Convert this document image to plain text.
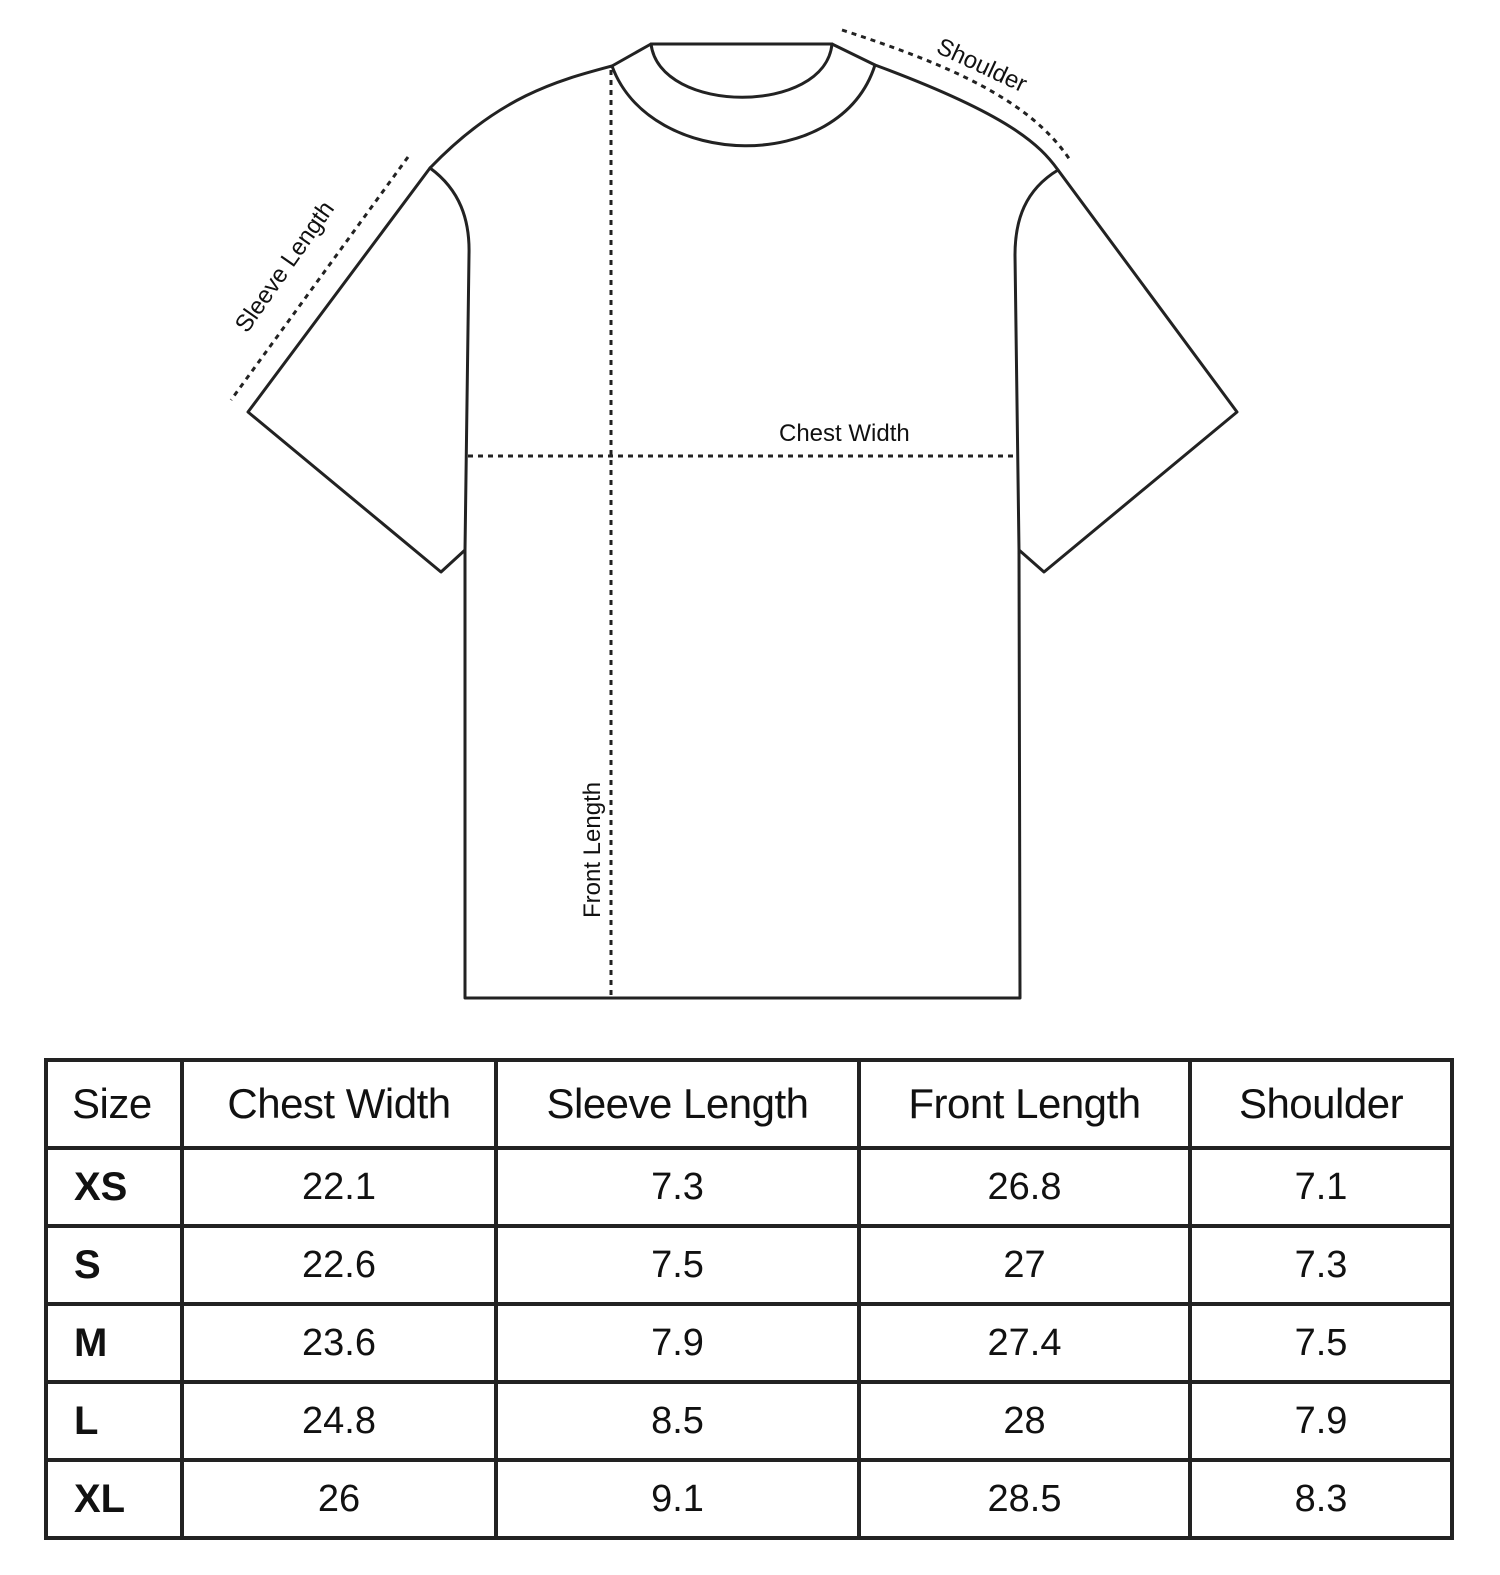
Shoulder
Sleeve Length
Chest Width
Front Length
Size	Chest Width	Sleeve Length	Front Length	Shoulder
XS	22.1	7.3	26.8	7.1
S	22.6	7.5	27	7.3
M	23.6	7.9	27.4	7.5
L	24.8	8.5	28	7.9
XL	26	9.1	28.5	8.3
